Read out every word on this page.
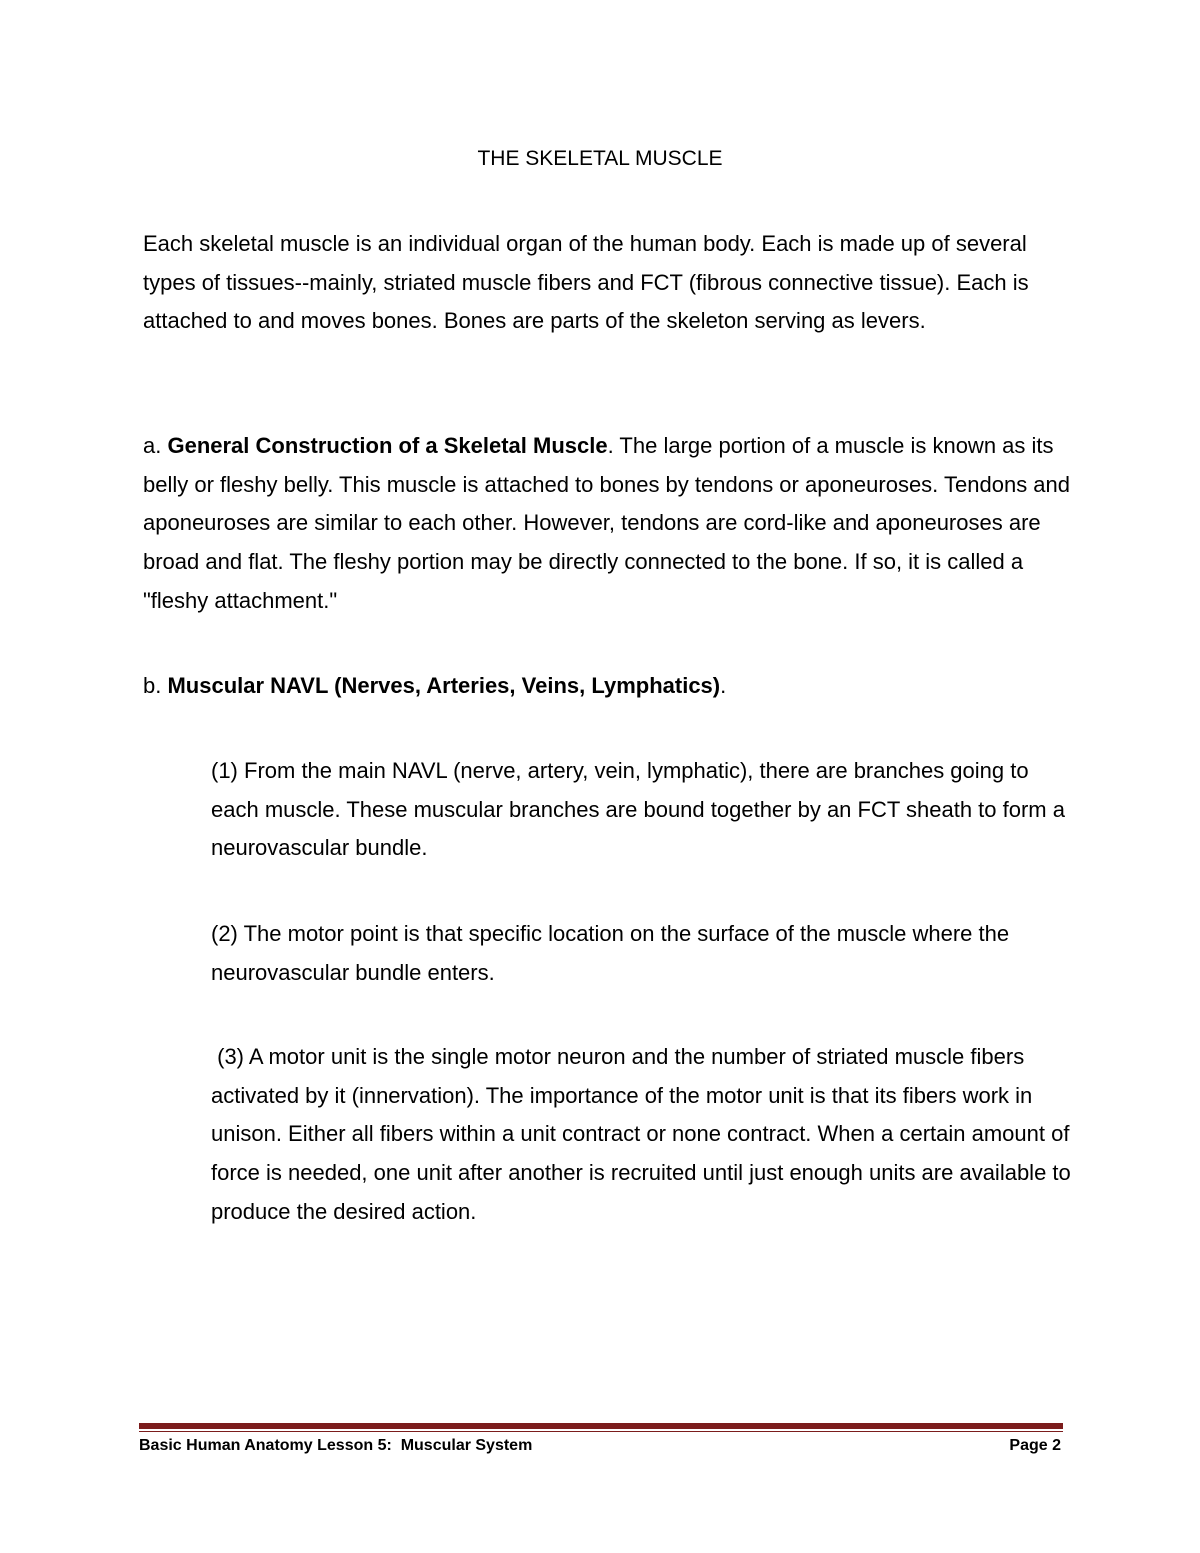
THE SKELETAL MUSCLE

Each skeletal muscle is an individual organ of the human body. Each is made up of several types of tissues--mainly, striated muscle fibers and FCT (fibrous connective tissue). Each is attached to and moves bones. Bones are parts of the skeleton serving as levers.

a. General Construction of a Skeletal Muscle. The large portion of a muscle is known as its belly or fleshy belly. This muscle is attached to bones by tendons or aponeuroses. Tendons and aponeuroses are similar to each other. However, tendons are cord-like and aponeuroses are broad and flat. The fleshy portion may be directly connected to the bone. If so, it is called a "fleshy attachment."

b. Muscular NAVL (Nerves, Arteries, Veins, Lymphatics).

(1) From the main NAVL (nerve, artery, vein, lymphatic), there are branches going to each muscle. These muscular branches are bound together by an FCT sheath to form a neurovascular bundle.

(2) The motor point is that specific location on the surface of the muscle where the neurovascular bundle enters.

(3) A motor unit is the single motor neuron and the number of striated muscle fibers activated by it (innervation). The importance of the motor unit is that its fibers work in unison. Either all fibers within a unit contract or none contract. When a certain amount of force is needed, one unit after another is recruited until just enough units are available to produce the desired action.

Basic Human Anatomy Lesson 5:  Muscular System	Page 2
